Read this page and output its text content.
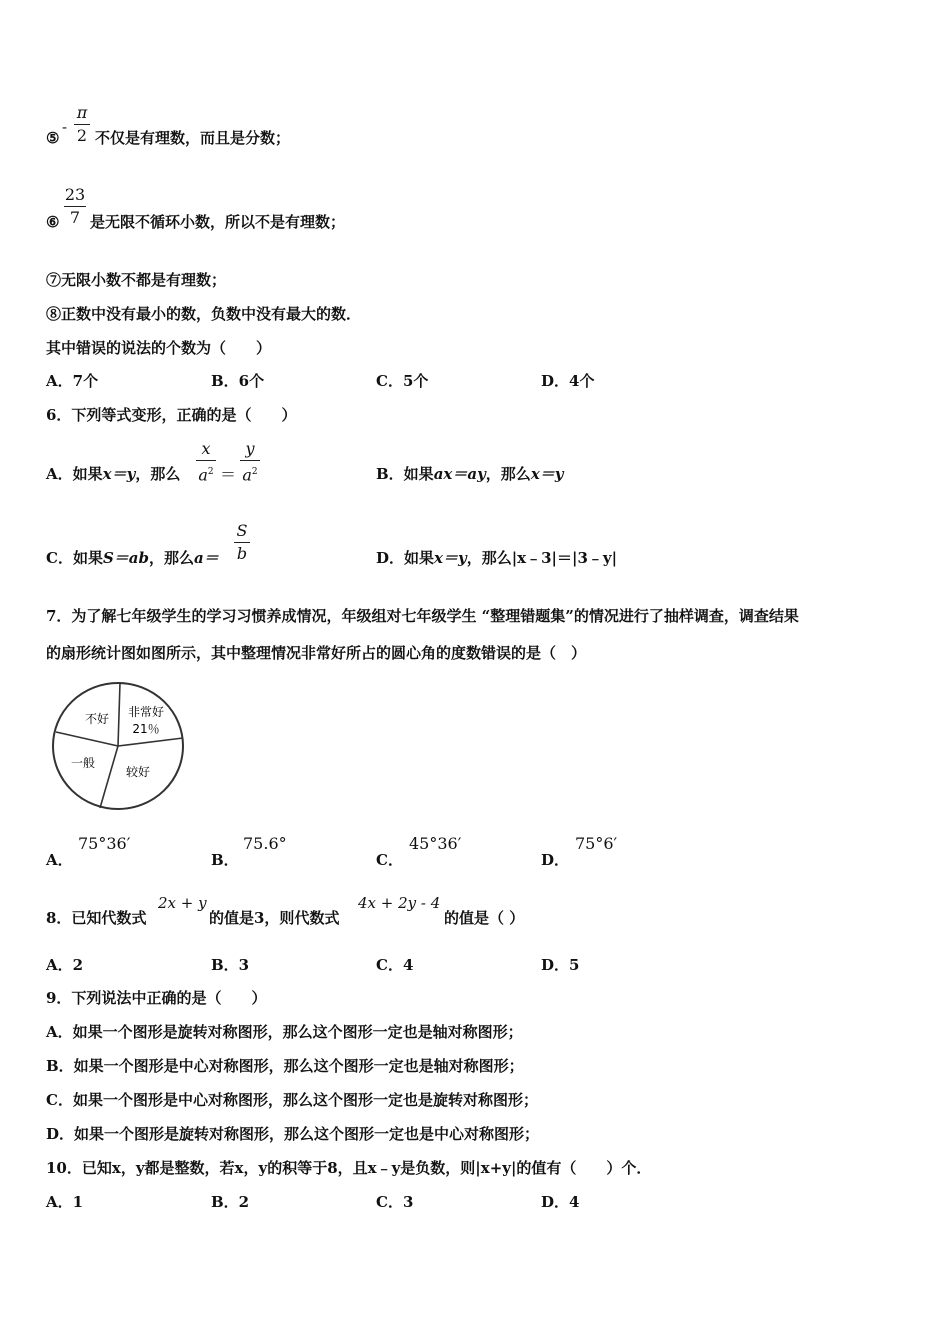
⑤
-
π
2 不仅是有理数，而且是分数；
⑥
23
7 是无限不循环小数，所以不是有理数；
⑦无限小数不都是有理数；
⑧正数中没有最小的数，负数中没有最大的数．
其中错误的说法的个数为（　　）
A．7个	B．6个	C．5个	D．4个
6．下列等式变形，正确的是（　　）
A．如果x＝y，那么
x
$a^2$ ＝
y
$a^2$	B．如果ax＝ay，那么x＝y
C．如果S＝ab，那么a＝
S
b	D．如果x＝y，那么|x﹣3|＝|3﹣y|
7．为了解七年级学生的学习习惯养成情况，年级组对七年级学生 “整理错题集”的情况进行了抽样调查，调查结果
的扇形统计图如图所示，其中整理情况非常好所占的圆心角的度数错误的是（　）
非常好
21％
较好
一般
不好
A．
75°36′
B．
75.6°
C．
45°36′
D．
75°6′
8．已知代数式
2x + y
的值是3，则代数式
4x + 2y - 4
的值是（ ）
A．2	B．3	C．4	D．5
9．下列说法中正确的是（　　）
A．如果一个图形是旋转对称图形，那么这个图形一定也是轴对称图形；
B．如果一个图形是中心对称图形，那么这个图形一定也是轴对称图形；
C．如果一个图形是中心对称图形，那么这个图形一定也是旋转对称图形；
D．如果一个图形是旋转对称图形，那么这个图形一定也是中心对称图形；
10．已知x，y都是整数，若x，y的积等于8，且x﹣y是负数，则|x+y|的值有（　　）个．
A．1	B．2	C．3	D．4
